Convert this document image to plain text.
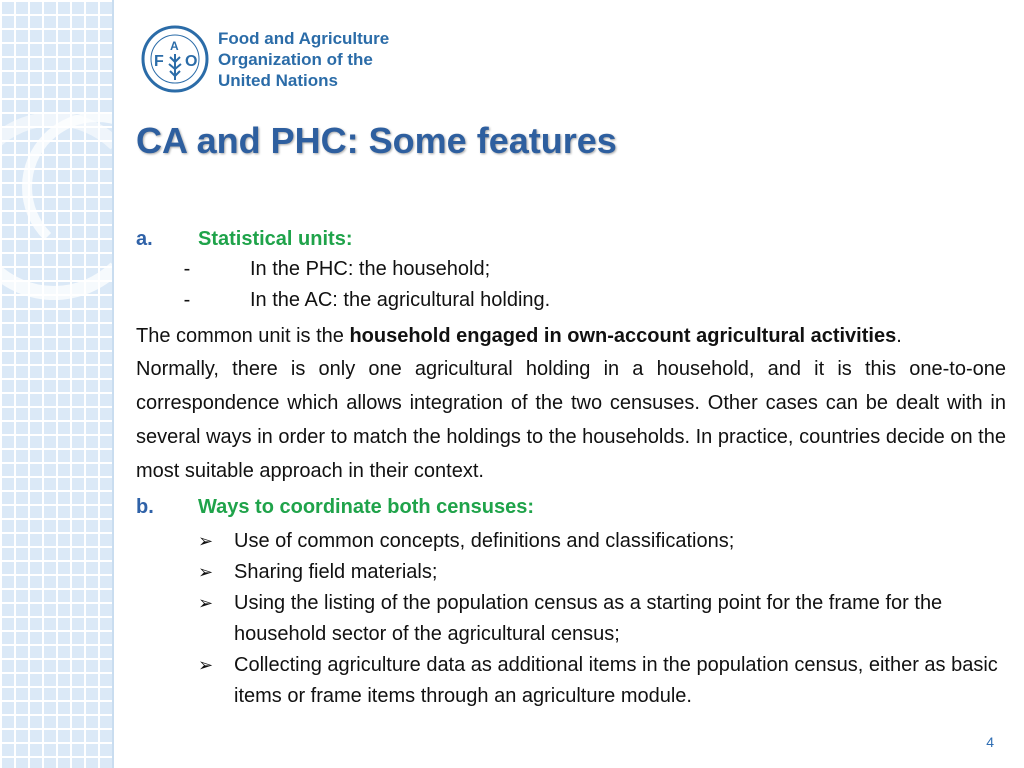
F
A
O
Food and Agriculture
Organization of the
United Nations
CA and PHC: Some features
a.	Statistical units:
-	In the PHC: the household;
-	In the AC: the agricultural holding.

The common unit is the household engaged in own-account agricultural activities.

Normally, there is only one agricultural holding in a household, and it is this one-to-one correspondence which allows integration of the two censuses. Other cases can be dealt with in several ways in order to match the holdings to the households. In practice, countries decide on the most suitable approach in their context.

b.	Ways to coordinate both censuses:
➢	Use of common concepts, definitions and classifications;
➢	Sharing field materials;
➢	Using the listing of the population census as a starting point for the frame for the household sector of the agricultural census;
➢	Collecting agriculture data as additional items in the population census, either as basic items or frame items through an agriculture module.
4
